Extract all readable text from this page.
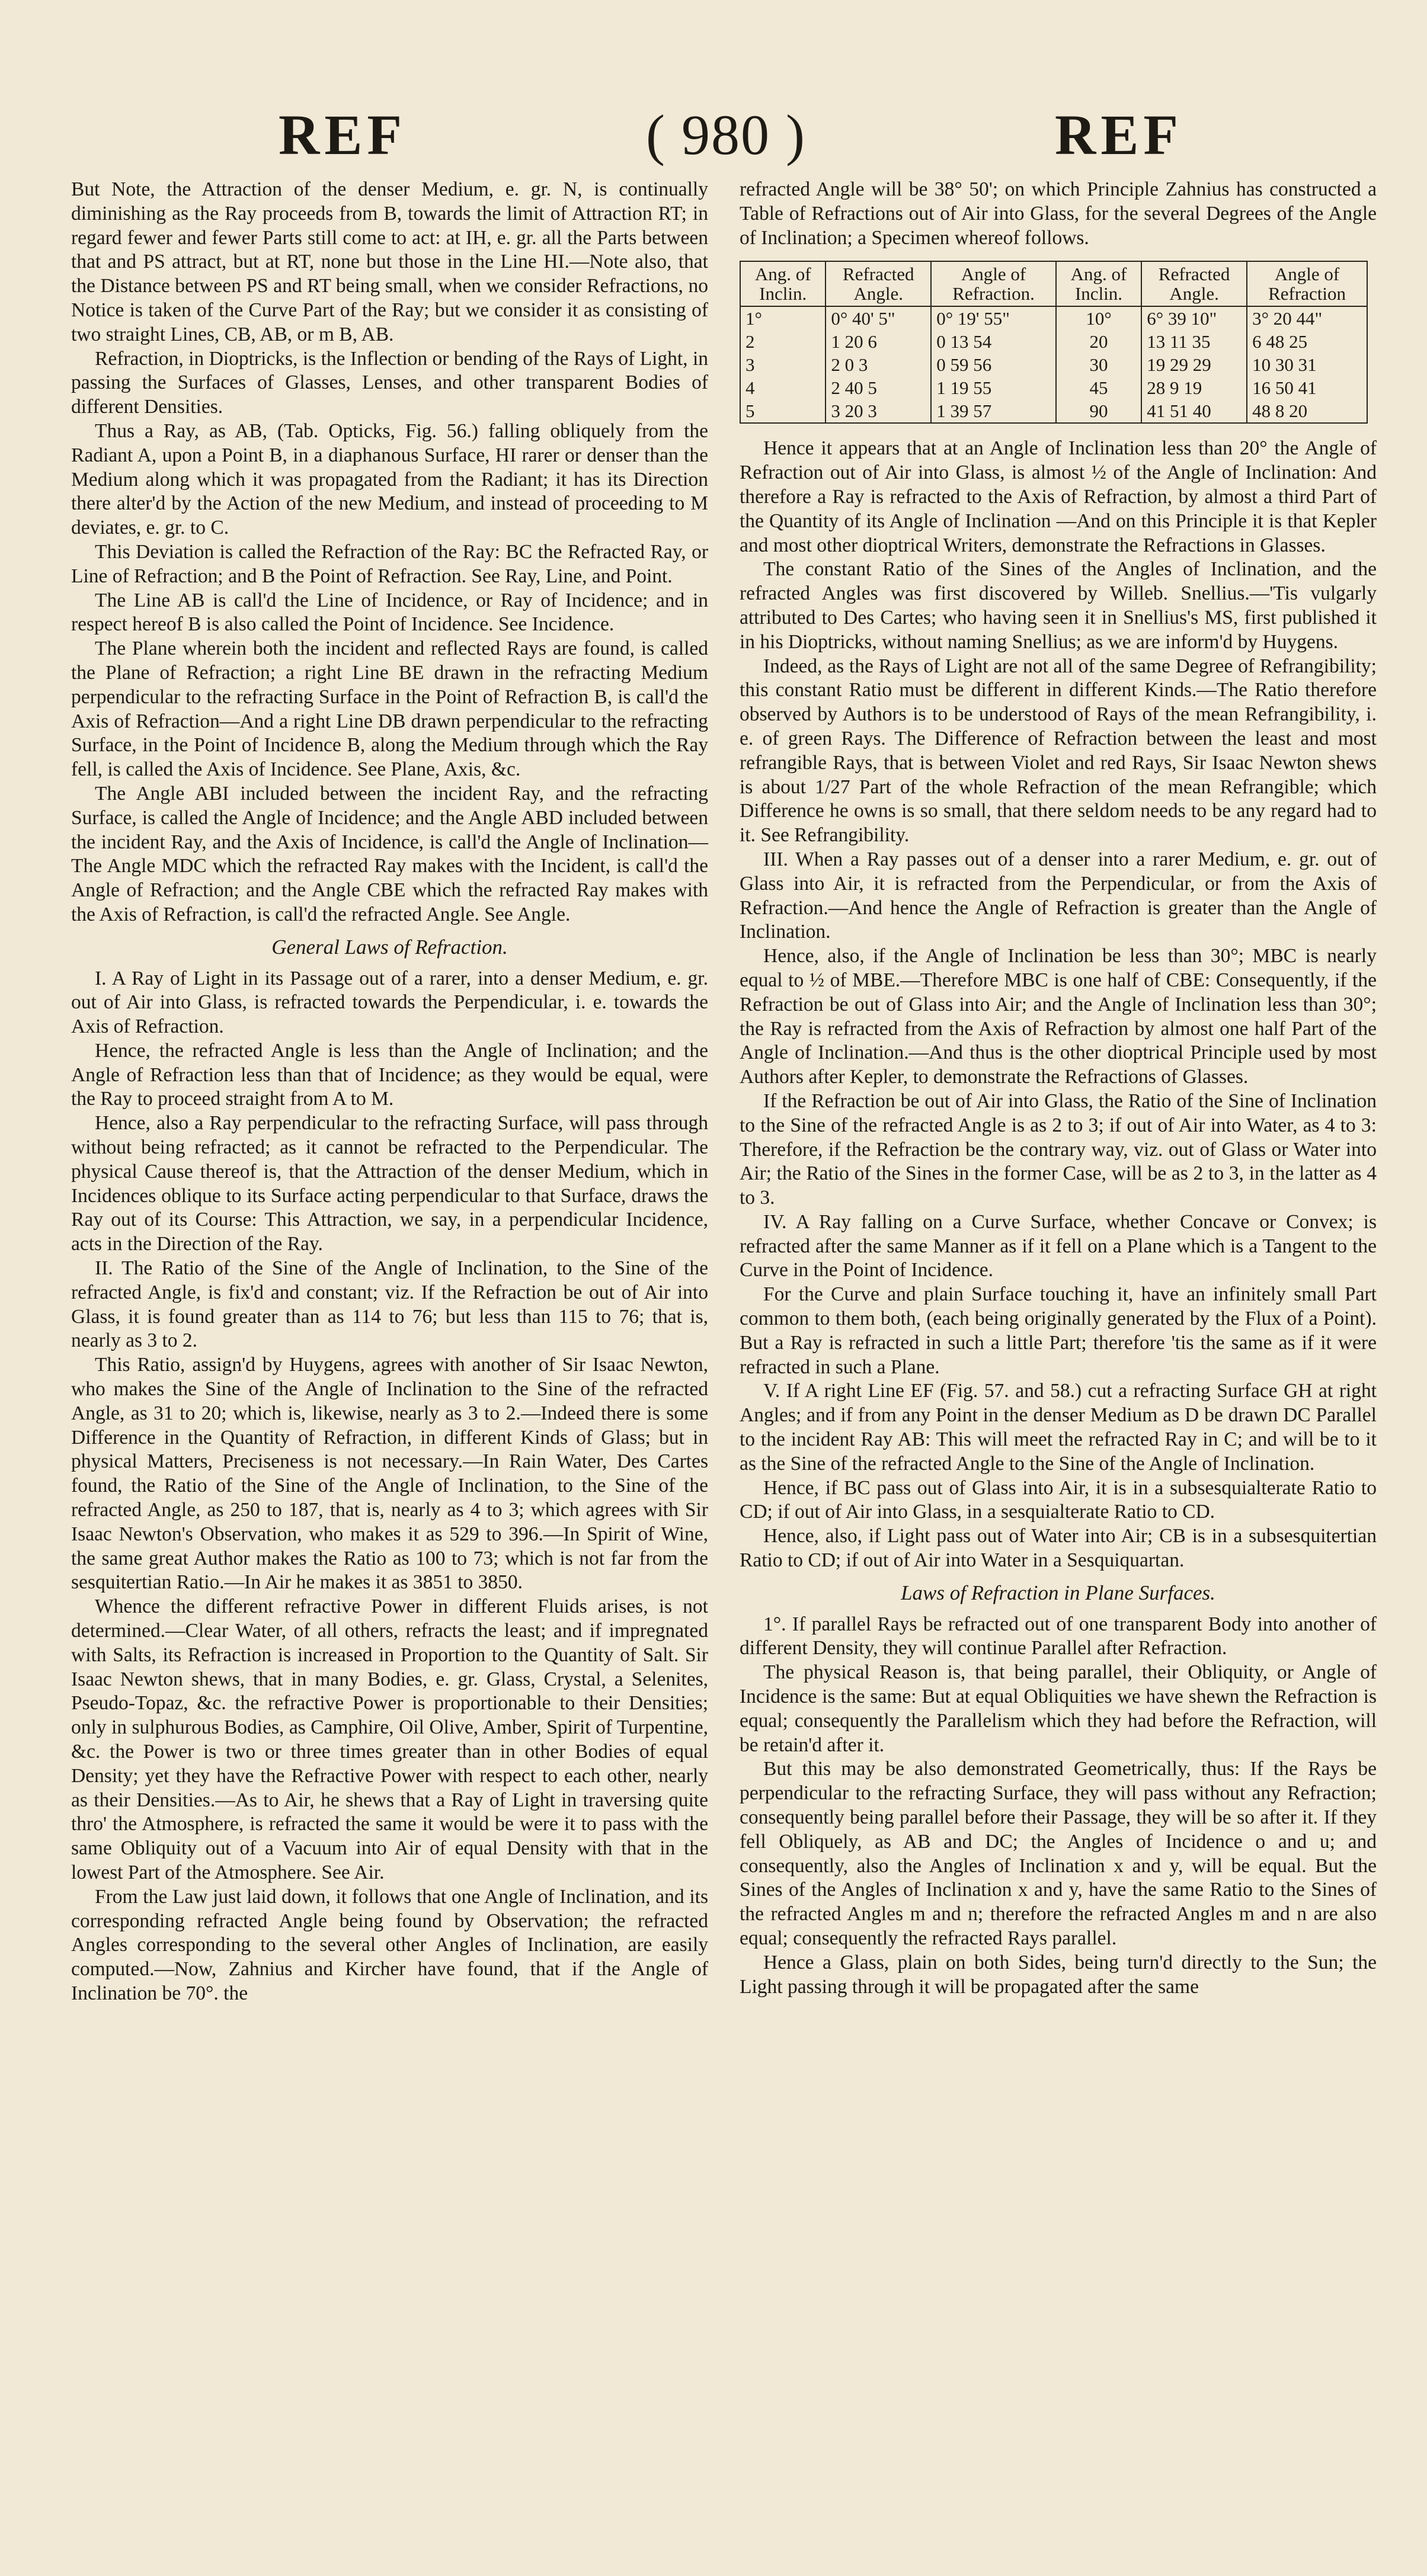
REF	( 980 )	REF

But Note, the Attraction of the denser Medium, e. gr. N, is continually diminishing as the Ray proceeds from B, towards the limit of Attraction RT; in regard fewer and fewer Parts still come to act: at IH, e. gr. all the Parts between that and PS attract, but at RT, none but those in the Line HI.—Note also, that the Distance between PS and RT being small, when we consider Refractions, no Notice is taken of the Curve Part of the Ray; but we consider it as consisting of two straight Lines, CB, AB, or m B, AB.

Refraction, in Dioptricks, is the Inflection or bending of the Rays of Light, in passing the Surfaces of Glasses, Lenses, and other transparent Bodies of different Densities.

Thus a Ray, as AB, (Tab. Opticks, Fig. 56.) falling obliquely from the Radiant A, upon a Point B, in a diaphanous Surface, HI rarer or denser than the Medium along which it was propagated from the Radiant; it has its Direction there alter'd by the Action of the new Medium, and instead of proceeding to M deviates, e. gr. to C.

This Deviation is called the Refraction of the Ray: BC the Refracted Ray, or Line of Refraction; and B the Point of Refraction. See Ray, Line, and Point.

The Line AB is call'd the Line of Incidence, or Ray of Incidence; and in respect hereof B is also called the Point of Incidence. See Incidence.

The Plane wherein both the incident and reflected Rays are found, is called the Plane of Refraction; a right Line BE drawn in the refracting Medium perpendicular to the refracting Surface in the Point of Refraction B, is call'd the Axis of Refraction—And a right Line DB drawn perpendicular to the refracting Surface, in the Point of Incidence B, along the Medium through which the Ray fell, is called the Axis of Incidence. See Plane, Axis, &c.

The Angle ABI included between the incident Ray, and the refracting Surface, is called the Angle of Incidence; and the Angle ABD included between the incident Ray, and the Axis of Incidence, is call'd the Angle of Inclination—The Angle MDC which the refracted Ray makes with the Incident, is call'd the Angle of Refraction; and the Angle CBE which the refracted Ray makes with the Axis of Refraction, is call'd the refracted Angle. See Angle.

General Laws of Refraction.

I. A Ray of Light in its Passage out of a rarer, into a denser Medium, e. gr. out of Air into Glass, is refracted towards the Perpendicular, i. e. towards the Axis of Refraction.

Hence, the refracted Angle is less than the Angle of Inclination; and the Angle of Refraction less than that of Incidence; as they would be equal, were the Ray to proceed straight from A to M.

Hence, also a Ray perpendicular to the refracting Surface, will pass through without being refracted; as it cannot be refracted to the Perpendicular. The physical Cause thereof is, that the Attraction of the denser Medium, which in Incidences oblique to its Surface acting perpendicular to that Surface, draws the Ray out of its Course: This Attraction, we say, in a perpendicular Incidence, acts in the Direction of the Ray.

II. The Ratio of the Sine of the Angle of Inclination, to the Sine of the refracted Angle, is fix'd and constant; viz. If the Refraction be out of Air into Glass, it is found greater than as 114 to 76; but less than 115 to 76; that is, nearly as 3 to 2.

This Ratio, assign'd by Huygens, agrees with another of Sir Isaac Newton, who makes the Sine of the Angle of Inclination to the Sine of the refracted Angle, as 31 to 20; which is, likewise, nearly as 3 to 2.—Indeed there is some Difference in the Quantity of Refraction, in different Kinds of Glass; but in physical Matters, Preciseness is not necessary.—In Rain Water, Des Cartes found, the Ratio of the Sine of the Angle of Inclination, to the Sine of the refracted Angle, as 250 to 187, that is, nearly as 4 to 3; which agrees with Sir Isaac Newton's Observation, who makes it as 529 to 396.—In Spirit of Wine, the same great Author makes the Ratio as 100 to 73; which is not far from the sesquitertian Ratio.—In Air he makes it as 3851 to 3850.

Whence the different refractive Power in different Fluids arises, is not determined.—Clear Water, of all others, refracts the least; and if impregnated with Salts, its Refraction is increased in Proportion to the Quantity of Salt. Sir Isaac Newton shews, that in many Bodies, e. gr. Glass, Crystal, a Selenites, Pseudo-Topaz, &c. the refractive Power is proportionable to their Densities; only in sulphurous Bodies, as Camphire, Oil Olive, Amber, Spirit of Turpentine, &c. the Power is two or three times greater than in other Bodies of equal Density; yet they have the Refractive Power with respect to each other, nearly as their Densities.—As to Air, he shews that a Ray of Light in traversing quite thro' the Atmosphere, is refracted the same it would be were it to pass with the same Obliquity out of a Vacuum into Air of equal Density with that in the lowest Part of the Atmosphere. See Air.

From the Law just laid down, it follows that one Angle of Inclination, and its corresponding refracted Angle being found by Observation; the refracted Angles corresponding to the several other Angles of Inclination, are easily computed.—Now, Zahnius and Kircher have found, that if the Angle of Inclination be 70°. the

refracted Angle will be 38° 50'; on which Principle Zahnius has constructed a Table of Refractions out of Air into Glass, for the several Degrees of the Angle of Inclination; a Specimen whereof follows.

Ang. of Inclin.	Refracted Angle.	Angle of Refraction.	Ang. of Inclin.	Refracted Angle.	Angle of Refraction
1°	0° 40' 5"	0° 19' 55"	10°	6° 39 10"	3° 20 44"
2	1 20 6	0 13 54	20	13 11 35	6 48 25
3	2 0 3	0 59 56	30	19 29 29	10 30 31
4	2 40 5	1 19 55	45	28 9 19	16 50 41
5	3 20 3	1 39 57	90	41 51 40	48 8 20

Hence it appears that at an Angle of Inclination less than 20° the Angle of Refraction out of Air into Glass, is almost ½ of the Angle of Inclination: And therefore a Ray is refracted to the Axis of Refraction, by almost a third Part of the Quantity of its Angle of Inclination —And on this Principle it is that Kepler and most other dioptrical Writers, demonstrate the Refractions in Glasses.

The constant Ratio of the Sines of the Angles of Inclination, and the refracted Angles was first discovered by Willeb. Snellius.—'Tis vulgarly attributed to Des Cartes; who having seen it in Snellius's MS, first published it in his Dioptricks, without naming Snellius; as we are inform'd by Huygens.

Indeed, as the Rays of Light are not all of the same Degree of Refrangibility; this constant Ratio must be different in different Kinds.—The Ratio therefore observed by Authors is to be understood of Rays of the mean Refrangibility, i. e. of green Rays. The Difference of Refraction between the least and most refrangible Rays, that is between Violet and red Rays, Sir Isaac Newton shews is about 1/27 Part of the whole Refraction of the mean Refrangible; which Difference he owns is so small, that there seldom needs to be any regard had to it. See Refrangibility.

III. When a Ray passes out of a denser into a rarer Medium, e. gr. out of Glass into Air, it is refracted from the Perpendicular, or from the Axis of Refraction.—And hence the Angle of Refraction is greater than the Angle of Inclination.

Hence, also, if the Angle of Inclination be less than 30°; MBC is nearly equal to ½ of MBE.—Therefore MBC is one half of CBE: Consequently, if the Refraction be out of Glass into Air; and the Angle of Inclination less than 30°; the Ray is refracted from the Axis of Refraction by almost one half Part of the Angle of Inclination.—And thus is the other dioptrical Principle used by most Authors after Kepler, to demonstrate the Refractions of Glasses.

If the Refraction be out of Air into Glass, the Ratio of the Sine of Inclination to the Sine of the refracted Angle is as 2 to 3; if out of Air into Water, as 4 to 3: Therefore, if the Refraction be the contrary way, viz. out of Glass or Water into Air; the Ratio of the Sines in the former Case, will be as 2 to 3, in the latter as 4 to 3.

IV. A Ray falling on a Curve Surface, whether Concave or Convex; is refracted after the same Manner as if it fell on a Plane which is a Tangent to the Curve in the Point of Incidence.

For the Curve and plain Surface touching it, have an infinitely small Part common to them both, (each being originally generated by the Flux of a Point). But a Ray is refracted in such a little Part; therefore 'tis the same as if it were refracted in such a Plane.

V. If A right Line EF (Fig. 57. and 58.) cut a refracting Surface GH at right Angles; and if from any Point in the denser Medium as D be drawn DC Parallel to the incident Ray AB: This will meet the refracted Ray in C; and will be to it as the Sine of the refracted Angle to the Sine of the Angle of Inclination.

Hence, if BC pass out of Glass into Air, it is in a subsesquialterate Ratio to CD; if out of Air into Glass, in a sesquialterate Ratio to CD.

Hence, also, if Light pass out of Water into Air; CB is in a subsesquitertian Ratio to CD; if out of Air into Water in a Sesquiquartan.

Laws of Refraction in Plane Surfaces.

1°. If parallel Rays be refracted out of one transparent Body into another of different Density, they will continue Parallel after Refraction.

The physical Reason is, that being parallel, their Obliquity, or Angle of Incidence is the same: But at equal Obliquities we have shewn the Refraction is equal; consequently the Parallelism which they had before the Refraction, will be retain'd after it.

But this may be also demonstrated Geometrically, thus: If the Rays be perpendicular to the refracting Surface, they will pass without any Refraction; consequently being parallel before their Passage, they will be so after it. If they fell Obliquely, as AB and DC; the Angles of Incidence o and u; and consequently, also the Angles of Inclination x and y, will be equal. But the Sines of the Angles of Inclination x and y, have the same Ratio to the Sines of the refracted Angles m and n; therefore the refracted Angles m and n are also equal; consequently the refracted Rays parallel.

Hence a Glass, plain on both Sides, being turn'd directly to the Sun; the Light passing through it will be propagated after the same
